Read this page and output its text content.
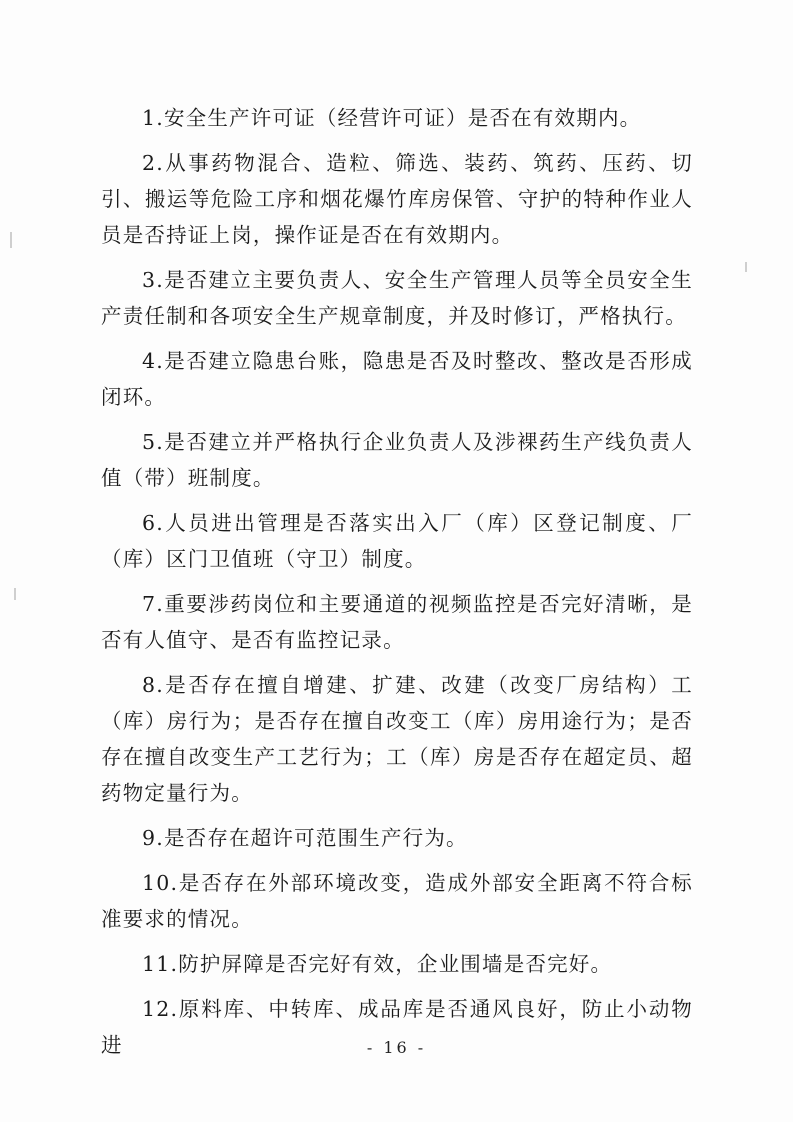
1.安全生产许可证（经营许可证）是否在有效期内。

2.从事药物混合、造粒、筛选、装药、筑药、压药、切引、搬运等危险工序和烟花爆竹库房保管、守护的特种作业人员是否持证上岗，操作证是否在有效期内。

3.是否建立主要负责人、安全生产管理人员等全员安全生产责任制和各项安全生产规章制度，并及时修订，严格执行。

4.是否建立隐患台账，隐患是否及时整改、整改是否形成闭环。

5.是否建立并严格执行企业负责人及涉裸药生产线负责人值（带）班制度。

6.人员进出管理是否落实出入厂（库）区登记制度、厂（库）区门卫值班（守卫）制度。

7.重要涉药岗位和主要通道的视频监控是否完好清晰，是否有人值守、是否有监控记录。

8.是否存在擅自增建、扩建、改建（改变厂房结构）工（库）房行为；是否存在擅自改变工（库）房用途行为；是否存在擅自改变生产工艺行为；工（库）房是否存在超定员、超药物定量行为。

9.是否存在超许可范围生产行为。

10.是否存在外部环境改变，造成外部安全距离不符合标准要求的情况。

11.防护屏障是否完好有效，企业围墙是否完好。

12.原料库、中转库、成品库是否通风良好，防止小动物进	- 16 -
